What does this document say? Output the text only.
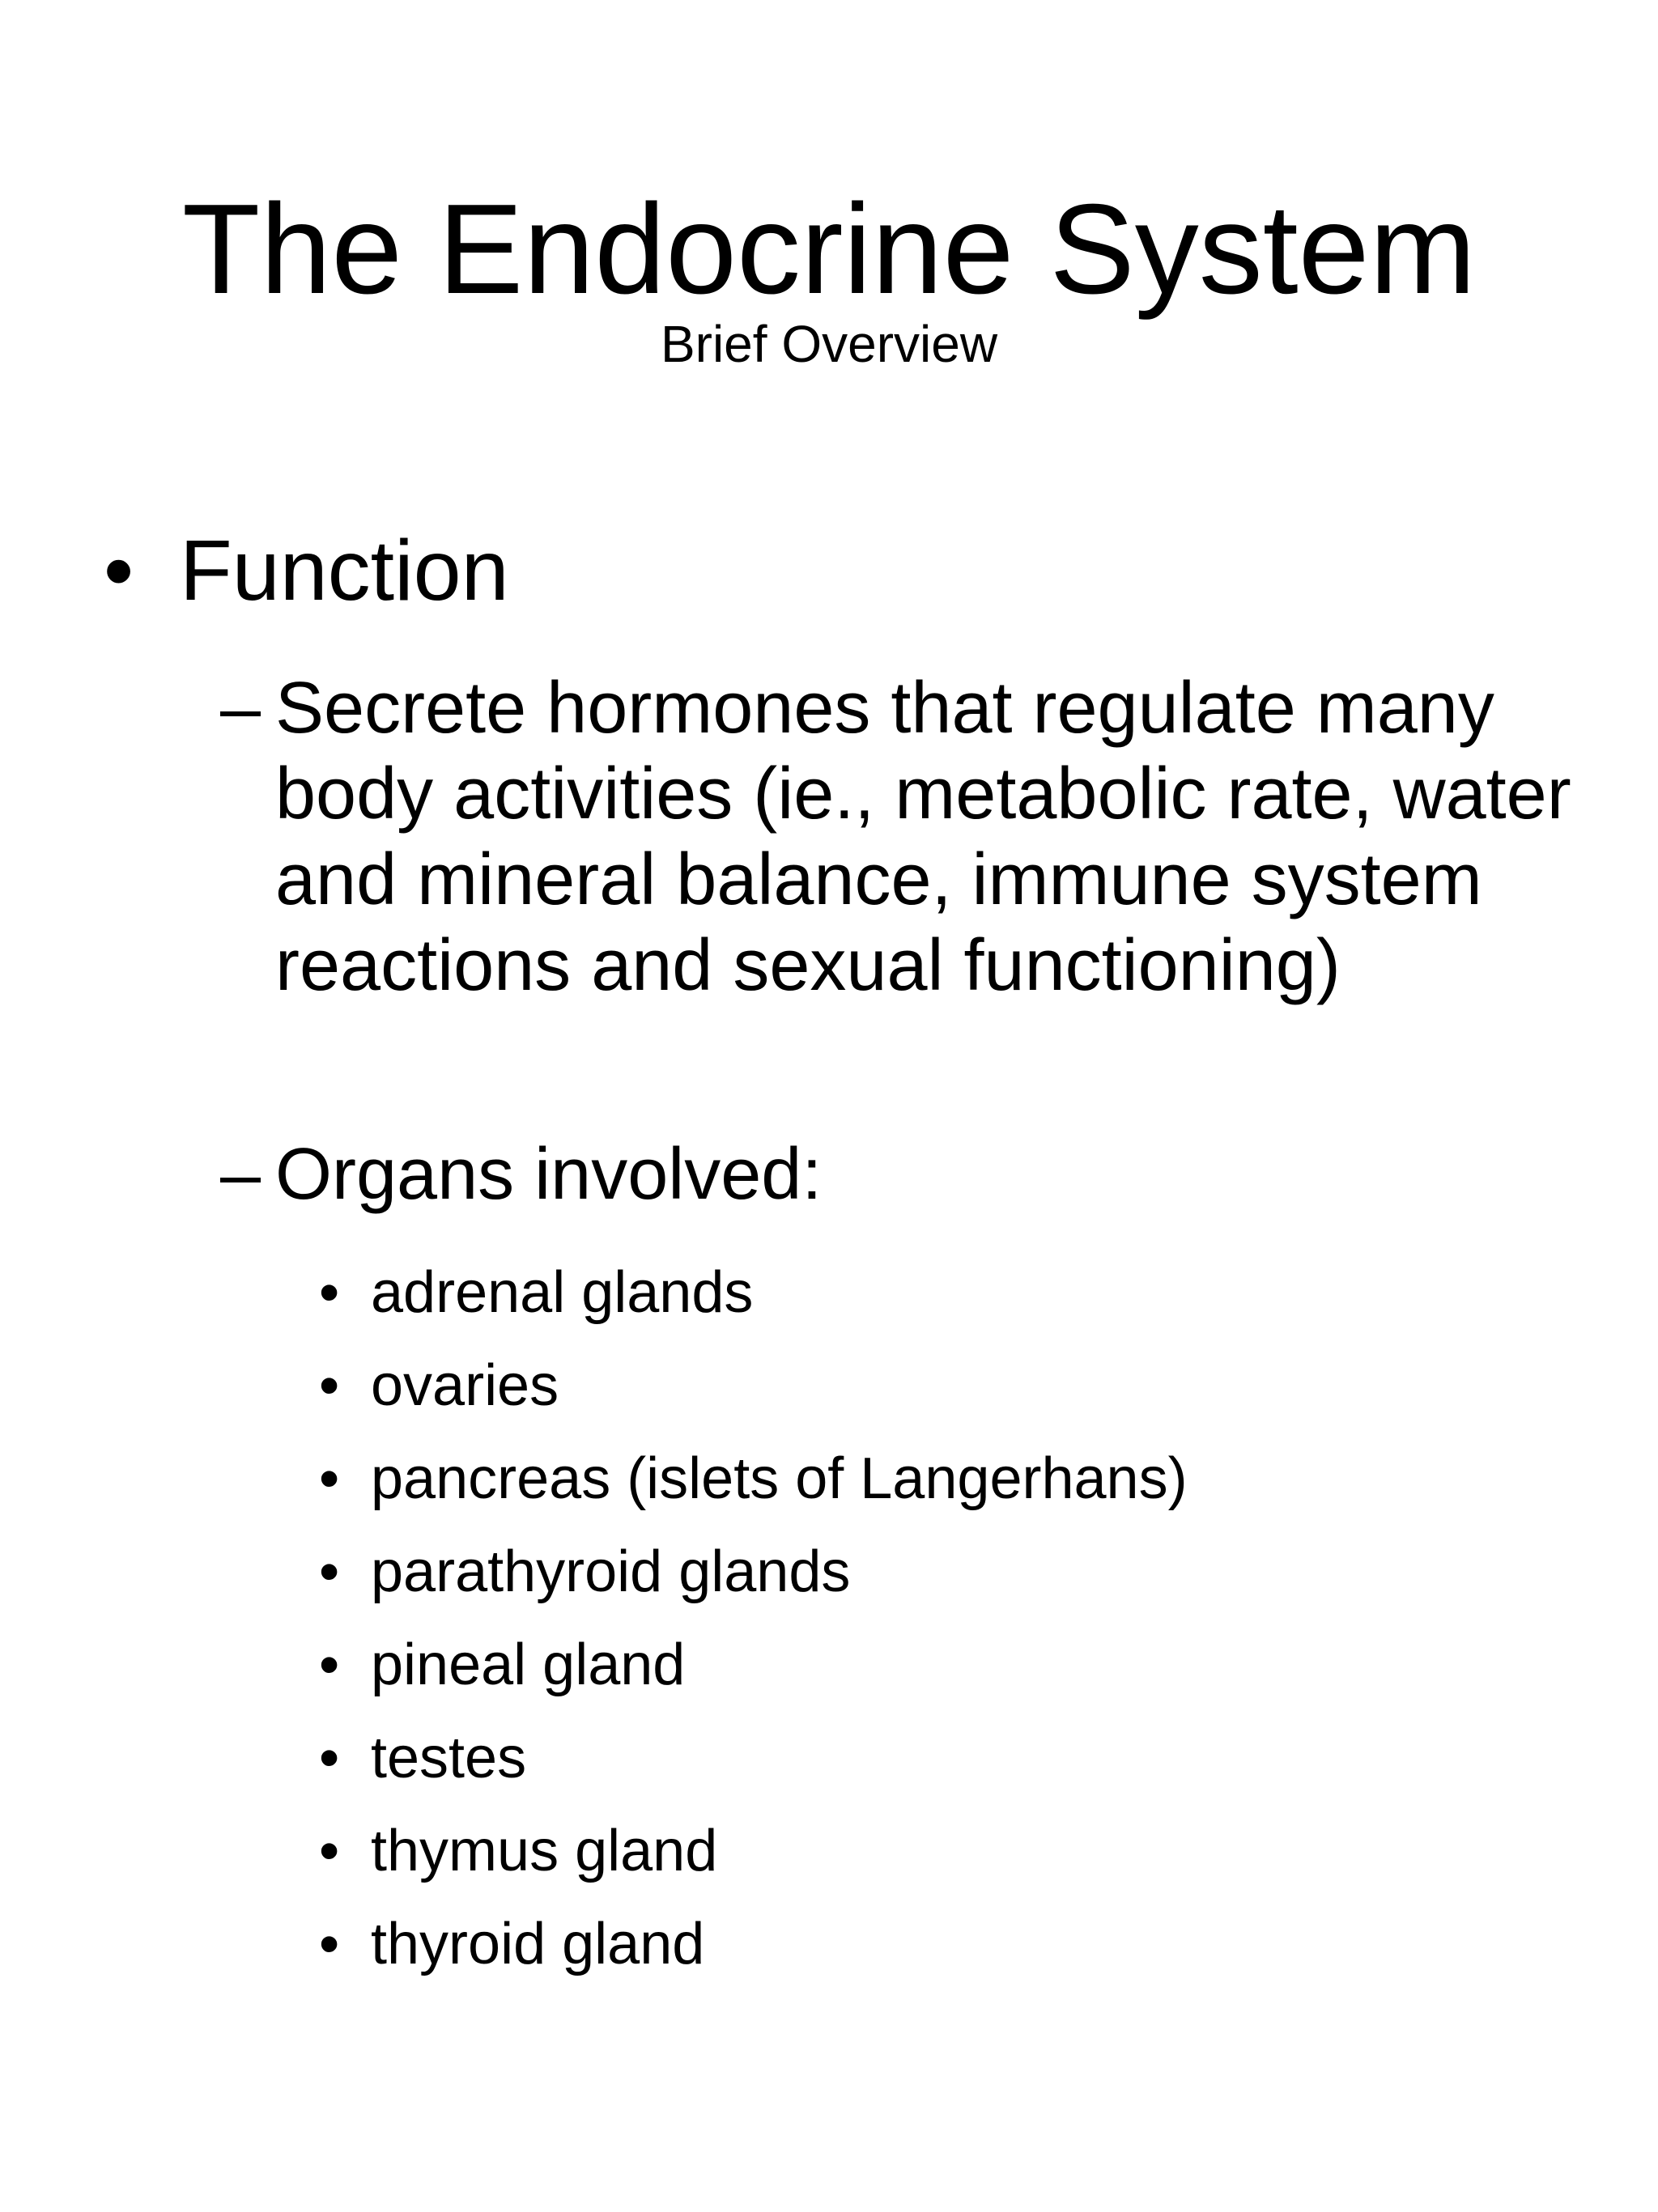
The Endocrine System
Brief Overview
• Function
– Secrete hormones that regulate many body activities (ie., metabolic rate, water and mineral balance, immune system reactions and sexual functioning)
– Organs involved:
• adrenal glands
• ovaries
• pancreas (islets of Langerhans)
• parathyroid glands
• pineal gland
• testes
• thymus gland
• thyroid gland
